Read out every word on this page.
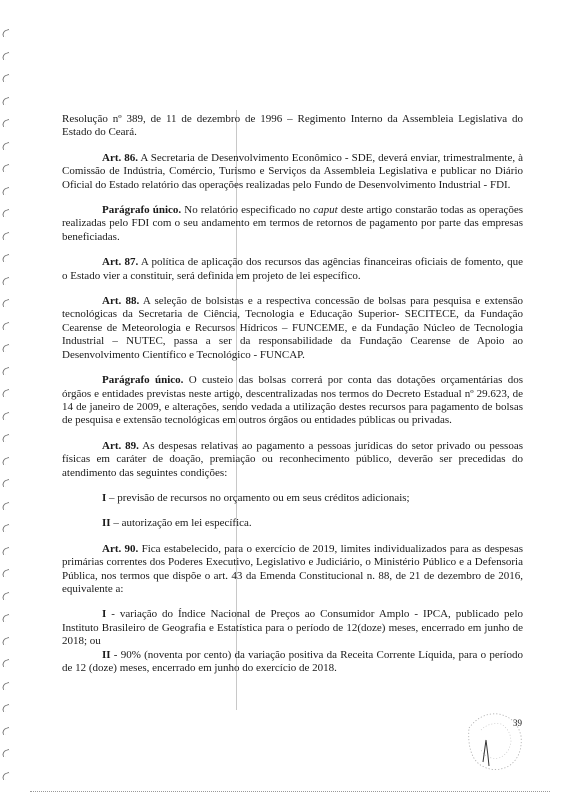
Resolução nº 389, de 11 de dezembro de 1996 – Regimento Interno da Assembleia Legislativa do Estado do Ceará.

Art. 86. A Secretaria de Desenvolvimento Econômico - SDE, deverá enviar, trimestralmente, à Comissão de Indústria, Comércio, Turismo e Serviços da Assembleia Legislativa e publicar no Diário Oficial do Estado relatório das operações realizadas pelo Fundo de Desenvolvimento Industrial - FDI.

Parágrafo único. No relatório especificado no caput deste artigo constarão todas as operações realizadas pelo FDI com o seu andamento em termos de retornos de pagamento por parte das empresas beneficiadas.

Art. 87. A política de aplicação dos recursos das agências financeiras oficiais de fomento, que o Estado vier a constituir, será definida em projeto de lei específico.

Art. 88. A seleção de bolsistas e a respectiva concessão de bolsas para pesquisa e extensão tecnológicas da Secretaria de Ciência, Tecnologia e Educação Superior- SECITECE, da Fundação Cearense de Meteorologia e Recursos Hídricos – FUNCEME, e da Fundação Núcleo de Tecnologia Industrial – NUTEC, passa a ser da responsabilidade da Fundação Cearense de Apoio ao Desenvolvimento Científico e Tecnológico - FUNCAP.

Parágrafo único. O custeio das bolsas correrá por conta das dotações orçamentárias dos órgãos e entidades previstas neste artigo, descentralizadas nos termos do Decreto Estadual nº 29.623, de 14 de janeiro de 2009, e alterações, sendo vedada a utilização destes recursos para pagamento de bolsas de pesquisa e extensão tecnológicas em outros órgãos ou entidades públicas ou privadas.

Art. 89. As despesas relativas ao pagamento a pessoas jurídicas do setor privado ou pessoas físicas em caráter de doação, premiação ou reconhecimento público, deverão ser precedidas do atendimento das seguintes condições:

I – previsão de recursos no orçamento ou em seus créditos adicionais;

II – autorização em lei específica.

Art. 90. Fica estabelecido, para o exercício de 2019, limites individualizados para as despesas primárias correntes dos Poderes Executivo, Legislativo e Judiciário, o Ministério Público e a Defensoria Pública, nos termos que dispõe o art. 43 da Emenda Constitucional n. 88, de 21 de dezembro de 2016, equivalente a:

I - variação do Índice Nacional de Preços ao Consumidor Amplo - IPCA, publicado pelo Instituto Brasileiro de Geografia e Estatística para o período de 12(doze) meses, encerrado em junho de 2018; ou

II - 90% (noventa por cento) da variação positiva da Receita Corrente Líquida, para o período de 12 (doze) meses, encerrado em junho do exercício de 2018.

39
